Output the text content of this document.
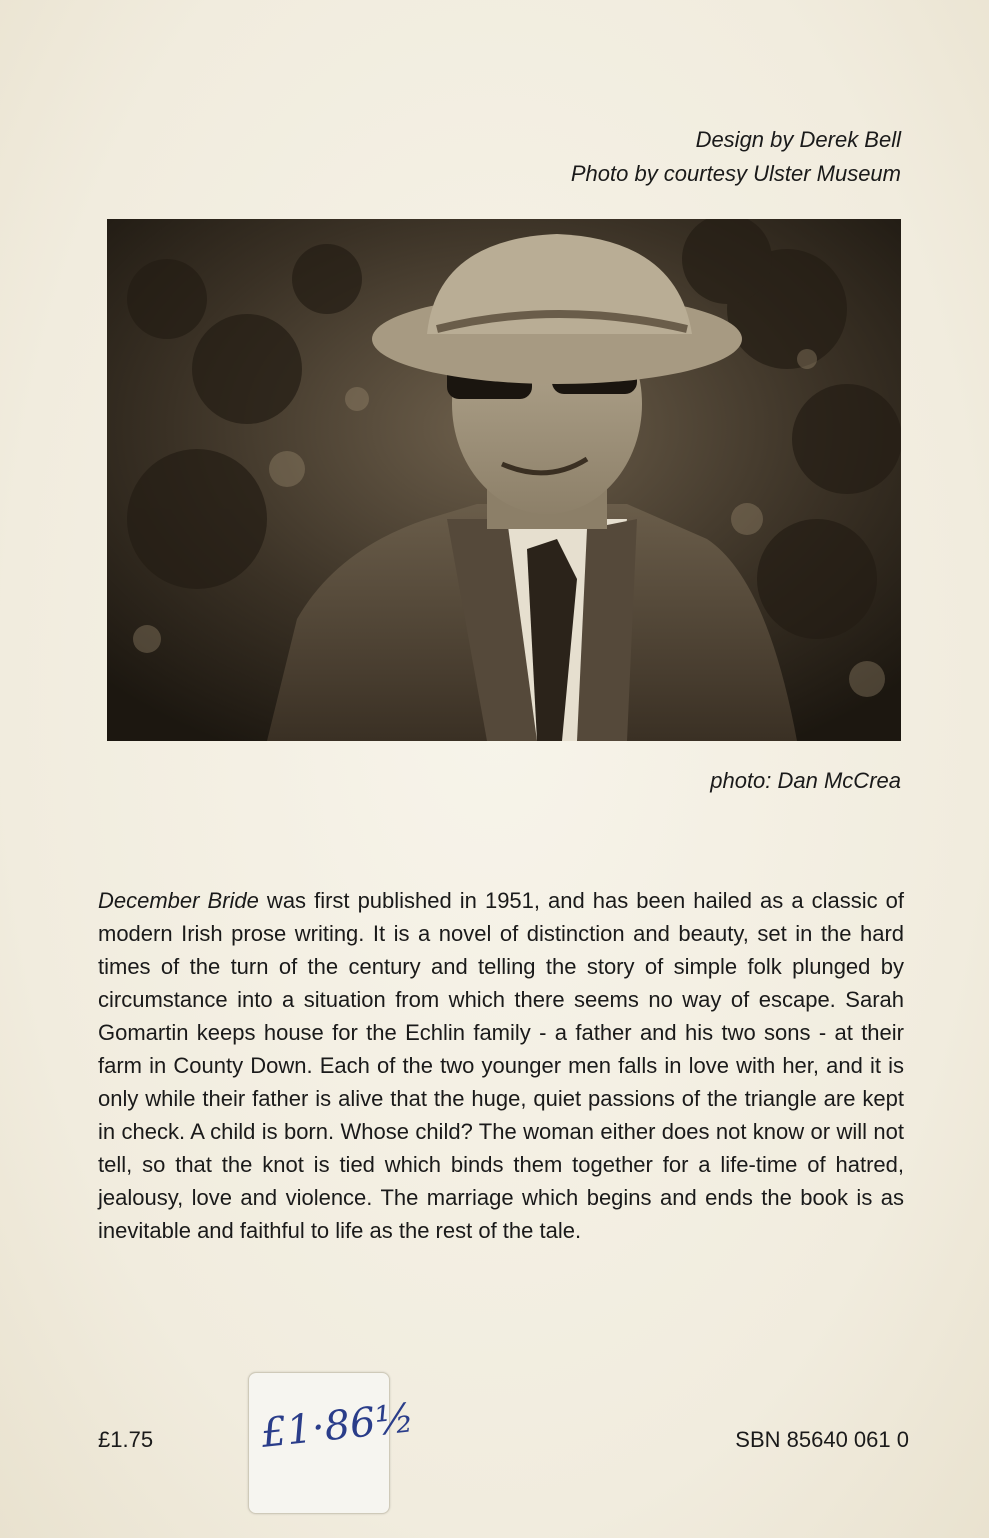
Design by Derek Bell
Photo by courtesy Ulster Museum
photo: Dan McCrea

December Bride was first published in 1951, and has been hailed as a classic of modern Irish prose writing. It is a novel of distinction and beauty, set in the hard times of the turn of the century and telling the story of simple folk plunged by circumstance into a situation from which there seems no way of escape. Sarah Gomartin keeps house for the Echlin family - a father and his two sons - at their farm in County Down. Each of the two younger men falls in love with her, and it is only while their father is alive that the huge, quiet passions of the triangle are kept in check. A child is born. Whose child? The woman either does not know or will not tell, so that the knot is tied which binds them together for a life-time of hatred, jealousy, love and violence. The marriage which begins and ends the book is as inevitable and faithful to life as the rest of the tale.

£1.75	£1·86½	SBN 85640 061 0
